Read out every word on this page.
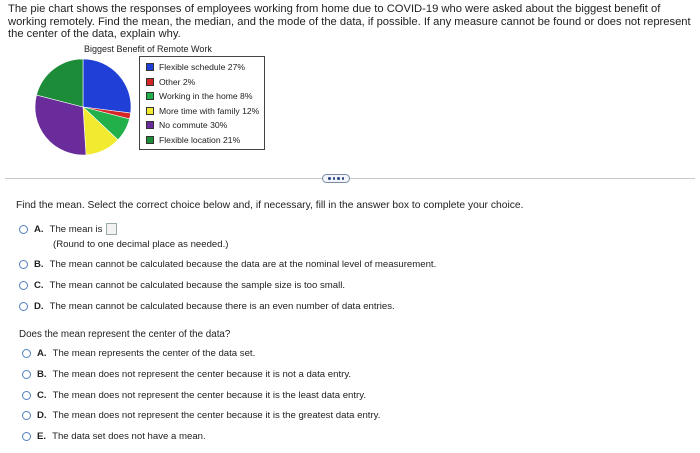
The pie chart shows the responses of employees working from home due to COVID-19 who were asked about the biggest benefit of working remotely. Find the mean, the median, and the mode of the data, if possible. If any measure cannot be found or does not represent the center of the data, explain why.
Biggest Benefit of Remote Work
Flexible schedule 27%
Other 2%
Working in the home 8%
More time with family 12%
No commute 30%
Flexible location 21%
Find the mean. Select the correct choice below and, if necessary, fill in the answer box to complete your choice.
A. The mean is
(Round to one decimal place as needed.)
B. The mean cannot be calculated because the data are at the nominal level of measurement.
C. The mean cannot be calculated because the sample size is too small.
D. The mean cannot be calculated because there is an even number of data entries.
Does the mean represent the center of the data?
A. The mean represents the center of the data set.
B. The mean does not represent the center because it is not a data entry.
C. The mean does not represent the center because it is the least data entry.
D. The mean does not represent the center because it is the greatest data entry.
E. The data set does not have a mean.
